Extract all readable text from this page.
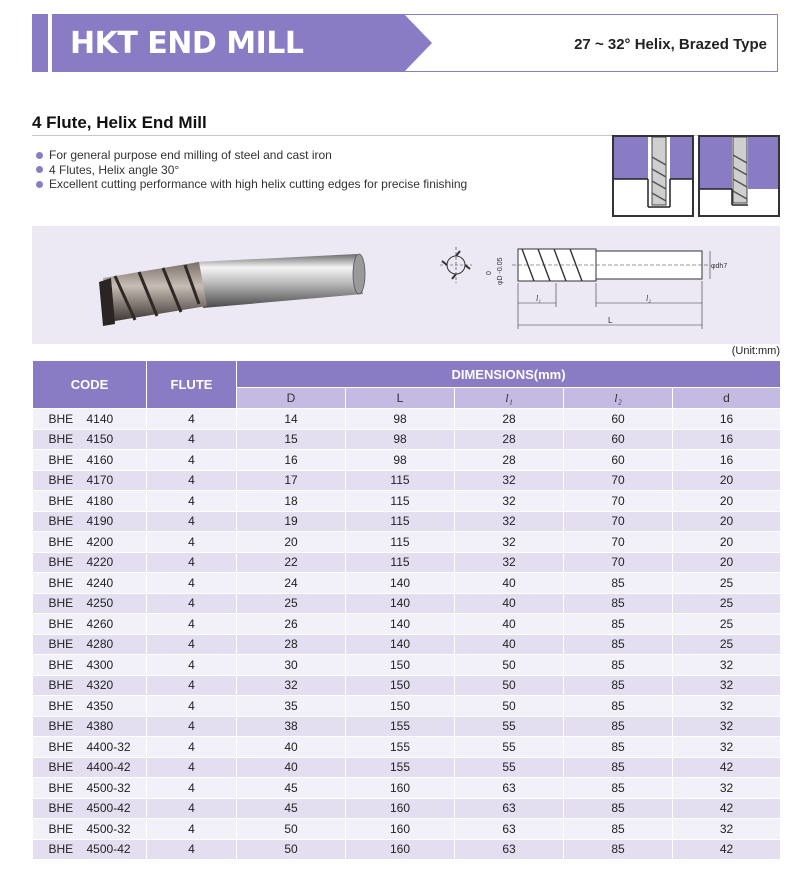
HKT END MILL	27 ~ 32° Helix, Brazed Type
4 Flute, Helix End Mill
For general purpose end milling of steel and cast iron
4 Flutes, Helix angle 30°
Excellent cutting performance with high helix cutting edges for precise finishing
0 φD -0.05	φdh7
l₁	l₂
L
(Unit:mm)
CODE	FLUTE	DIMENSIONS(mm)				
		D	L	l₁	l₂	d
BHE 4140	4	14	98	28	60	16
BHE 4150	4	15	98	28	60	16
BHE 4160	4	16	98	28	60	16
BHE 4170	4	17	115	32	70	20
BHE 4180	4	18	115	32	70	20
BHE 4190	4	19	115	32	70	20
BHE 4200	4	20	115	32	70	20
BHE 4220	4	22	115	32	70	20
BHE 4240	4	24	140	40	85	25
BHE 4250	4	25	140	40	85	25
BHE 4260	4	26	140	40	85	25
BHE 4280	4	28	140	40	85	25
BHE 4300	4	30	150	50	85	32
BHE 4320	4	32	150	50	85	32
BHE 4350	4	35	150	50	85	32
BHE 4380	4	38	155	55	85	32
BHE 4400-32	4	40	155	55	85	32
BHE 4400-42	4	40	155	55	85	42
BHE 4500-32	4	45	160	63	85	32
BHE 4500-42	4	45	160	63	85	42
BHE 4500-32	4	50	160	63	85	32
BHE 4500-42	4	50	160	63	85	42
